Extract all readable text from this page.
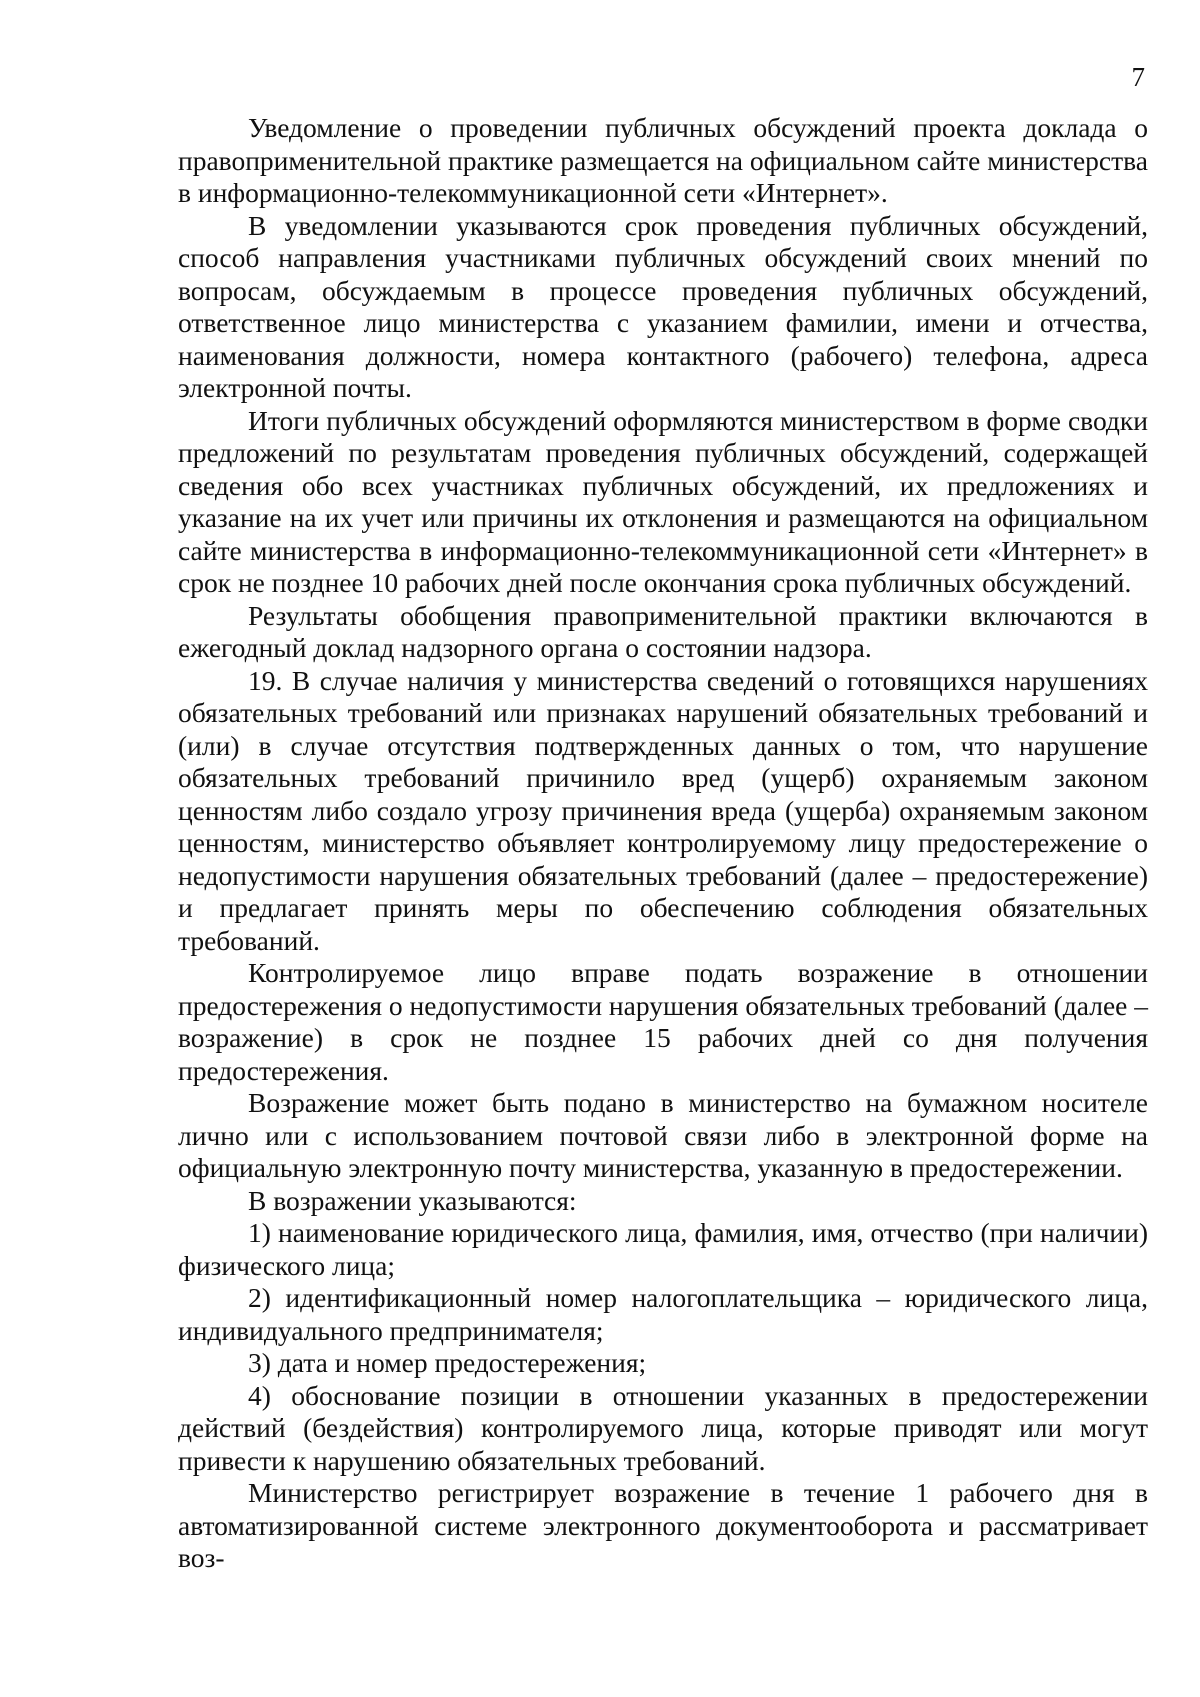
7

Уведомление о проведении публичных обсуждений проекта доклада о правоприменительной практике размещается на официальном сайте министерства в информационно-телекоммуникационной сети «Интернет».

В уведомлении указываются срок проведения публичных обсуждений, способ направления участниками публичных обсуждений своих мнений по вопросам, обсуждаемым в процессе проведения публичных обсуждений, ответственное лицо министерства с указанием фамилии, имени и отчества, наименования должности, номера контактного (рабочего) телефона, адреса электронной почты.

Итоги публичных обсуждений оформляются министерством в форме сводки предложений по результатам проведения публичных обсуждений, содержащей сведения обо всех участниках публичных обсуждений, их предложениях и указание на их учет или причины их отклонения и размещаются на официальном сайте министерства в информационно-телекоммуникационной сети «Интернет» в срок не позднее 10 рабочих дней после окончания срока публичных обсуждений.

Результаты обобщения правоприменительной практики включаются в ежегодный доклад надзорного органа о состоянии надзора.

19. В случае наличия у министерства сведений о готовящихся нарушениях обязательных требований или признаках нарушений обязательных требований и (или) в случае отсутствия подтвержденных данных о том, что нарушение обязательных требований причинило вред (ущерб) охраняемым законом ценностям либо создало угрозу причинения вреда (ущерба) охраняемым законом ценностям, министерство объявляет контролируемому лицу предостережение о недопустимости нарушения обязательных требований (далее – предостережение) и предлагает принять меры по обеспечению соблюдения обязательных требований.

Контролируемое лицо вправе подать возражение в отношении предостережения о недопустимости нарушения обязательных требований (далее – возражение) в срок не позднее 15 рабочих дней со дня получения предостережения.

Возражение может быть подано в министерство на бумажном носителе лично или с использованием почтовой связи либо в электронной форме на официальную электронную почту министерства, указанную в предостережении.

В возражении указываются:

1) наименование юридического лица, фамилия, имя, отчество (при наличии) физического лица;

2) идентификационный номер налогоплательщика – юридического лица, индивидуального предпринимателя;

3) дата и номер предостережения;

4) обоснование позиции в отношении указанных в предостережении действий (бездействия) контролируемого лица, которые приводят или могут привести к нарушению обязательных требований.

Министерство регистрирует возражение в течение 1 рабочего дня в автоматизированной системе электронного документооборота и рассматривает воз-
